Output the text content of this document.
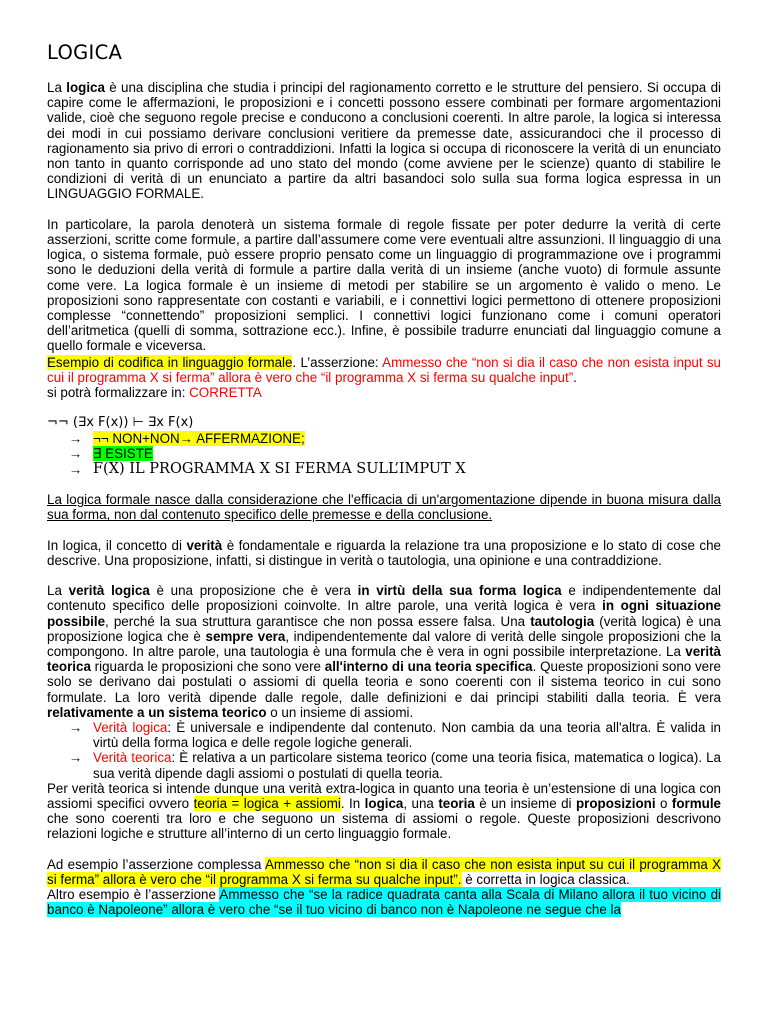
LOGICA

La logica è una disciplina che studia i principi del ragionamento corretto e le strutture del pensiero. Si occupa di capire come le affermazioni, le proposizioni e i concetti possono essere combinati per formare argomentazioni valide, cioè che seguono regole precise e conducono a conclusioni coerenti. In altre parole, la logica si interessa dei modi in cui possiamo derivare conclusioni veritiere da premesse date, assicurandoci che il processo di ragionamento sia privo di errori o contraddizioni. Infatti la logica si occupa di riconoscere la verità di un enunciato non tanto in quanto corrisponde ad uno stato del mondo (come avviene per le scienze) quanto di stabilire le condizioni di verità di un enunciato a partire da altri basandoci solo sulla sua forma logica espressa in un LINGUAGGIO FORMALE.

In particolare, la parola denoterà un sistema formale di regole fissate per poter dedurre la verità di certe asserzioni, scritte come formule, a partire dall’assumere come vere eventuali altre assunzioni. Il linguaggio di una logica, o sistema formale, può essere proprio pensato come un linguaggio di programmazione ove i programmi sono le deduzioni della verità di formule a partire dalla verità di un insieme (anche vuoto) di formule assunte come vere. La logica formale è un insieme di metodi per stabilire se un argomento è valido o meno. Le proposizioni sono rappresentate con costanti e variabili, e i connettivi logici permettono di ottenere proposizioni complesse “connettendo” proposizioni semplici. I connettivi logici funzionano come i comuni operatori dell’aritmetica (quelli di somma, sottrazione ecc.). Infine, è possibile tradurre enunciati dal linguaggio comune a quello formale e viceversa.

Esempio di codifica in linguaggio formale. L’asserzione: Ammesso che “non si dia il caso che non esista input su cui il programma X si ferma” allora è vero che “il programma X si ferma su qualche input”.

si potrà formalizzare in: CORRETTA

¬¬ (∃x F(x)) ⊢ ∃x F(x)

→ ¬¬ NON+NON→ AFFERMAZIONE;
→ ∃ ESISTE
→ F(X) IL PROGRAMMA X SI FERMA SULL’IMPUT X

La logica formale nasce dalla considerazione che l'efficacia di un'argomentazione dipende in buona misura dalla sua forma, non dal contenuto specifico delle premesse e della conclusione.

In logica, il concetto di verità è fondamentale e riguarda la relazione tra una proposizione e lo stato di cose che descrive. Una proposizione, infatti, si distingue in verità o tautologia, una opinione e una contraddizione.

La verità logica è una proposizione che è vera in virtù della sua forma logica e indipendentemente dal contenuto specifico delle proposizioni coinvolte. In altre parole, una verità logica è vera in ogni situazione possibile, perché la sua struttura garantisce che non possa essere falsa. Una tautologia (verità logica) è una proposizione logica che è sempre vera, indipendentemente dal valore di verità delle singole proposizioni che la compongono. In altre parole, una tautologia è una formula che è vera in ogni possibile interpretazione. La verità teorica riguarda le proposizioni che sono vere all'interno di una teoria specifica. Queste proposizioni sono vere solo se derivano dai postulati o assiomi di quella teoria e sono coerenti con il sistema teorico in cui sono formulate. La loro verità dipende dalle regole, dalle definizioni e dai principi stabiliti dalla teoria. È vera relativamente a un sistema teorico o un insieme di assiomi.

→ Verità logica: È universale e indipendente dal contenuto. Non cambia da una teoria all'altra. È valida in virtù della forma logica e delle regole logiche generali.
→ Verità teorica: È relativa a un particolare sistema teorico (come una teoria fisica, matematica o logica). La sua verità dipende dagli assiomi o postulati di quella teoria.

Per verità teorica si intende dunque una verità extra-logica in quanto una teoria è un’estensione di una logica con assiomi specifici ovvero teoria = logica + assiomi. In logica, una teoria è un insieme di proposizioni o formule che sono coerenti tra loro e che seguono un sistema di assiomi o regole. Queste proposizioni descrivono relazioni logiche e strutture all’interno di un certo linguaggio formale.

Ad esempio l’asserzione complessa Ammesso che “non si dia il caso che non esista input su cui il programma X si ferma” allora è vero che “il programma X si ferma su qualche input”. è corretta in logica classica.

Altro esempio è l’asserzione Ammesso che “se la radice quadrata canta alla Scala di Milano allora il tuo vicino di banco è Napoleone” allora è vero che “se il tuo vicino di banco non è Napoleone ne segue che la
